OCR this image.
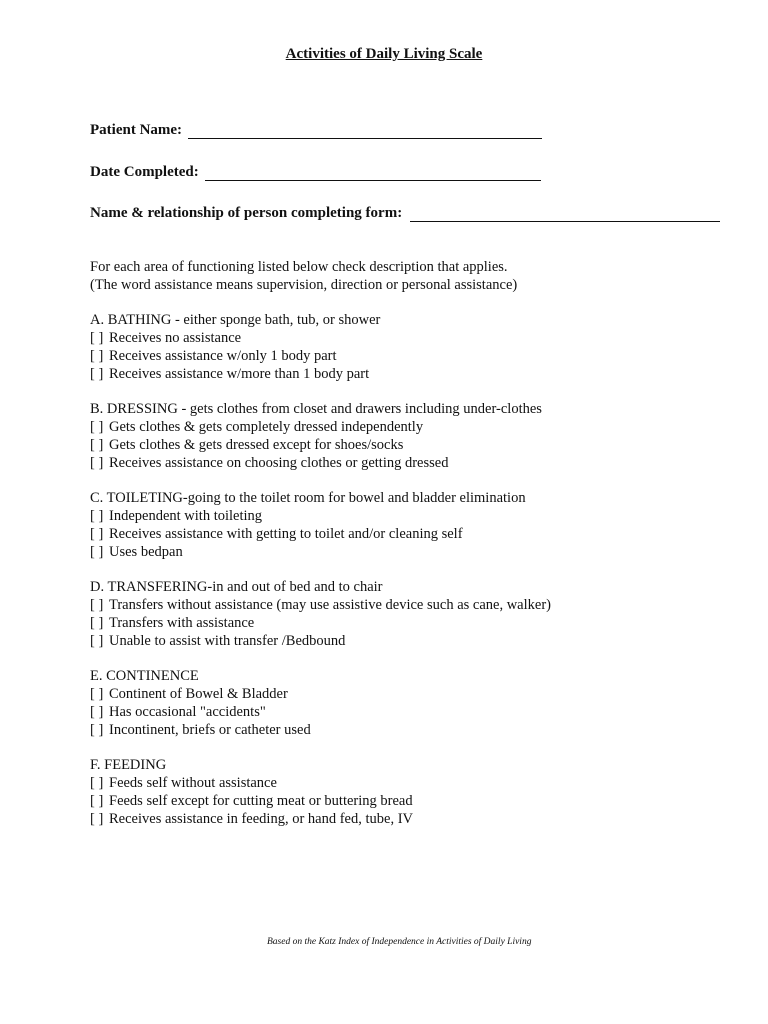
Activities of Daily Living Scale
Patient Name:
Date Completed:
Name & relationship of person completing form:
For each area of functioning listed below check description that applies.
(The word assistance means supervision, direction or personal assistance)
A. BATHING - either sponge bath, tub, or shower
[ ] Receives no assistance
[ ] Receives assistance w/only 1 body part
[ ] Receives assistance w/more than 1 body part
B. DRESSING - gets clothes from closet and drawers including under-clothes
[ ] Gets clothes & gets completely dressed independently
[ ] Gets clothes & gets dressed except for shoes/socks
[ ] Receives assistance on choosing clothes or getting dressed
C. TOILETING-going to the toilet room for bowel and bladder elimination
[ ] Independent with toileting
[ ] Receives assistance with getting to toilet and/or cleaning self
[ ] Uses bedpan
D. TRANSFERING-in and out of bed and to chair
[ ] Transfers without assistance (may use assistive device such as cane, walker)
[ ] Transfers with assistance
[ ] Unable to assist with transfer /Bedbound
E. CONTINENCE
[ ] Continent of Bowel & Bladder
[ ] Has occasional "accidents"
[ ] Incontinent, briefs or catheter used
F. FEEDING
[ ] Feeds self without assistance
[ ] Feeds self except for cutting meat or buttering bread
[ ] Receives assistance in feeding, or hand fed, tube, IV
Based on the Katz Index of Independence in Activities of Daily Living
